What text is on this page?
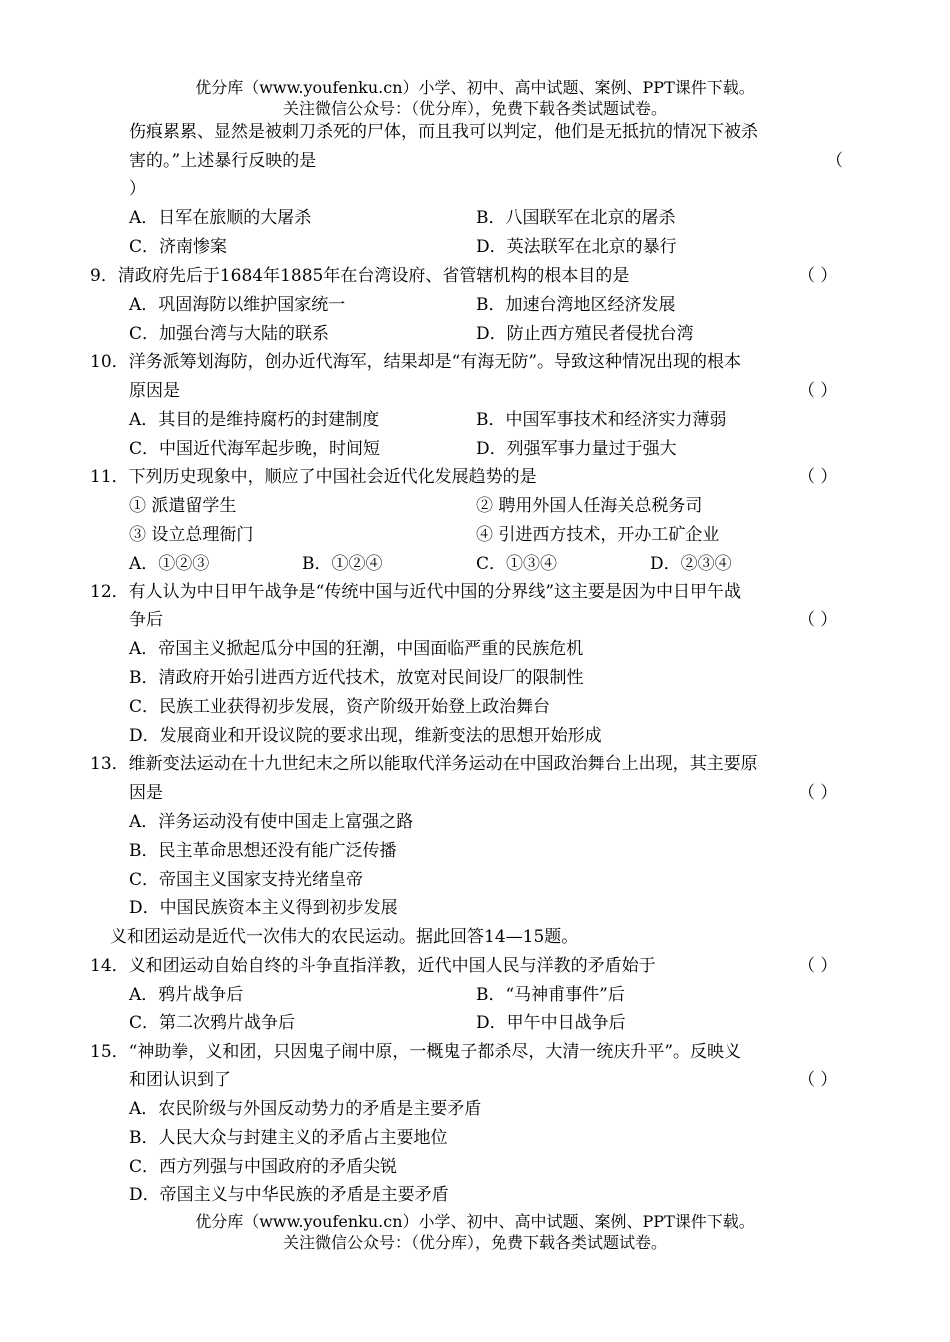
优分库（www.youfenku.cn）小学、初中、高中试题、案例、PPT课件下载。
关注微信公众号：（优分库），免费下载各类试题试卷。
伤痕累累、显然是被刺刀杀死的尸体，而且我可以判定，他们是无抵抗的情况下被杀
害的。”上述暴行反映的是	（
）
A．日军在旅顺的大屠杀	B．八国联军在北京的屠杀
C．济南惨案	D．英法联军在北京的暴行
9．清政府先后于1684年1885年在台湾设府、省管辖机构的根本目的是	（ ）
A．巩固海防以维护国家统一	B．加速台湾地区经济发展
C．加强台湾与大陆的联系	D．防止西方殖民者侵扰台湾
10．洋务派筹划海防，创办近代海军，结果却是“有海无防”。导致这种情况出现的根本
原因是	（ ）
A．其目的是维持腐朽的封建制度	B．中国军事技术和经济实力薄弱
C．中国近代海军起步晚，时间短	D．列强军事力量过于强大
11．下列历史现象中，顺应了中国社会近代化发展趋势的是	（ ）
① 派遣留学生	② 聘用外国人任海关总税务司
③ 设立总理衙门	④ 引进西方技术，开办工矿企业
A．①②③	B．①②④	C．①③④	D．②③④
12．有人认为中日甲午战争是“传统中国与近代中国的分界线”这主要是因为中日甲午战
争后	（ ）
A．帝国主义掀起瓜分中国的狂潮，中国面临严重的民族危机
B．清政府开始引进西方近代技术，放宽对民间设厂的限制性
C．民族工业获得初步发展，资产阶级开始登上政治舞台
D．发展商业和开设议院的要求出现，维新变法的思想开始形成
13．维新变法运动在十九世纪末之所以能取代洋务运动在中国政治舞台上出现，其主要原
因是	（ ）
A．洋务运动没有使中国走上富强之路
B．民主革命思想还没有能广泛传播
C．帝国主义国家支持光绪皇帝
D．中国民族资本主义得到初步发展
义和团运动是近代一次伟大的农民运动。据此回答14—15题。
14．义和团运动自始自终的斗争直指洋教，近代中国人民与洋教的矛盾始于	（ ）
A．鸦片战争后	B．“马神甫事件”后
C．第二次鸦片战争后	D．甲午中日战争后
15．“神助拳，义和团，只因鬼子闹中原，一概鬼子都杀尽，大清一统庆升平”。反映义
和团认识到了	（ ）
A．农民阶级与外国反动势力的矛盾是主要矛盾
B．人民大众与封建主义的矛盾占主要地位
C．西方列强与中国政府的矛盾尖锐
D．帝国主义与中华民族的矛盾是主要矛盾
优分库（www.youfenku.cn）小学、初中、高中试题、案例、PPT课件下载。
关注微信公众号：（优分库），免费下载各类试题试卷。
